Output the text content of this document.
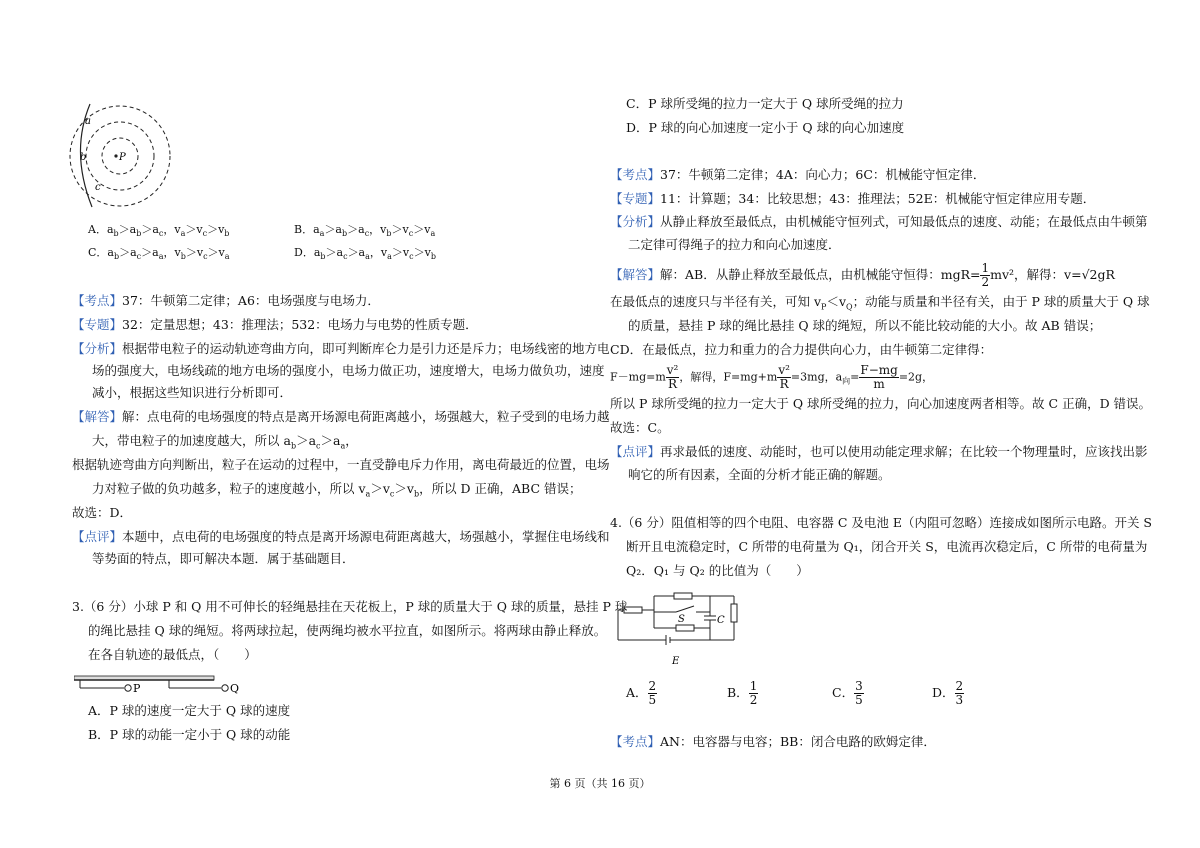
a
b
c
P
A．$a_b>a_b>a_c$，$v_a>v_c>v_b$	B．$a_a>a_b>a_c$，$v_b>v_c>v_a$
C．$a_b>a_c>a_a$，$v_b>v_c>v_a$	D．$a_b>a_c>a_a$，$v_a>v_c>v_b$
【考点】37：牛顿第二定律；A6：电场强度与电场力．
【专题】32：定量思想；43：推理法；532：电场力与电势的性质专题．
【分析】根据带电粒子的运动轨迹弯曲方向，即可判断库仑力是引力还是斥力；电场线密的地方电
场的强度大，电场线疏的地方电场的强度小，电场力做正功，速度增大，电场力做负功，速度
减小，根据这些知识进行分析即可．
【解答】解：点电荷的电场强度的特点是离开场源电荷距离越小，场强越大，粒子受到的电场力越
大，带电粒子的加速度越大，所以 $a_b>a_c>a_a$，
根据轨迹弯曲方向判断出，粒子在运动的过程中，一直受静电斥力作用，离电荷最近的位置，电场
力对粒子做的负功越多，粒子的速度越小，所以 $v_a>v_c>v_b$，所以 D 正确，ABC 错误；
故选：D．
【点评】本题中，点电荷的电场强度的特点是离开场源电荷距离越大，场强越小，掌握住电场线和
等势面的特点，即可解决本题．属于基础题目．
3.（6 分）小球 P 和 Q 用不可伸长的轻绳悬挂在天花板上，P 球的质量大于 Q 球的质量，悬挂 P 球
的绳比悬挂 Q 球的绳短。将两球拉起，使两绳均被水平拉直，如图所示。将两球由静止释放。
在各自轨迹的最低点，（　　）
P	Q
A．P 球的速度一定大于 Q 球的速度
B．P 球的动能一定小于 Q 球的动能
C．P 球所受绳的拉力一定大于 Q 球所受绳的拉力
D．P 球的向心加速度一定小于 Q 球的向心加速度
【考点】37：牛顿第二定律；4A：向心力；6C：机械能守恒定律．
【专题】11：计算题；34：比较思想；43：推理法；52E：机械能守恒定律应用专题．
【分析】从静止释放至最低点，由机械能守恒列式，可知最低点的速度、动能；在最低点由牛顿第
二定律可得绳子的拉力和向心加速度．
【解答】解：AB．从静止释放至最低点，由机械能守恒得：$mgR= \frac{1}{2} mv^2$，解得：v=√2gR
在最低点的速度只与半径有关，可知 $v_P<v_Q$；动能与质量和半径有关，由于 P 球的质量大于 Q 球
的质量，悬挂 P 球的绳比悬挂 Q 球的绳短，所以不能比较动能的大小。故 AB 错误；
CD．在最低点，拉力和重力的合力提供向心力，由牛顿第二定律得：
$F-mg=m \frac{\text{v²}}{R}$ ，解得，$F=mg+m \frac{\text{v²}}{R} =3mg$，$a_向= \frac{F-mg}{m} =2g$，
所以 P 球所受绳的拉力一定大于 Q 球所受绳的拉力，向心加速度两者相等。故 C 正确，D 错误。
故选：C。
【点评】再求最低的速度、动能时，也可以使用动能定理求解；在比较一个物理量时，应该找出影
响它的所有因素，全面的分析才能正确的解题。
4.（6 分）阻值相等的四个电阻、电容器 C 及电池 E（内阻可忽略）连接成如图所示电路。开关 S
断开且电流稳定时，C 所带的电荷量为 Q₁，闭合开关 S，电流再次稳定后，C 所带的电荷量为
Q₂．Q₁ 与 Q₂ 的比值为（　　）
S	C
E
A． $\frac{2}{5}$	B． $\frac{1}{2}$	C． $\frac{3}{5}$	D． $\frac{2}{3}$
【考点】AN：电容器与电容；BB：闭合电路的欧姆定律．
第 6 页（共 16 页）
